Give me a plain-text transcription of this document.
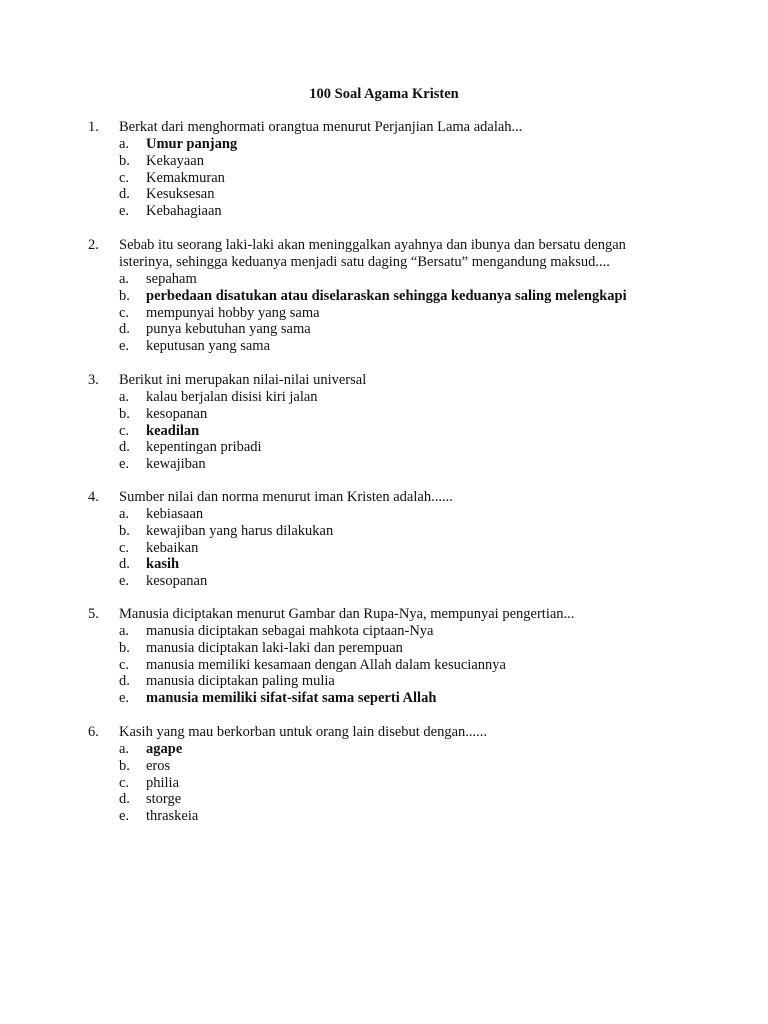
100 Soal Agama Kristen
1. Berkat dari menghormati orangtua menurut Perjanjian Lama adalah...
a. Umur panjang
b. Kekayaan
c. Kemakmuran
d. Kesuksesan
e. Kebahagiaan
2. Sebab itu seorang laki-laki akan meninggalkan ayahnya dan ibunya dan bersatu dengan
isterinya, sehingga keduanya menjadi satu daging “Bersatu” mengandung maksud....
a. sepaham
b. perbedaan disatukan atau diselaraskan sehingga keduanya saling melengkapi
c. mempunyai hobby yang sama
d. punya kebutuhan yang sama
e. keputusan yang sama
3. Berikut ini merupakan nilai-nilai universal
a. kalau berjalan disisi kiri jalan
b. kesopanan
c. keadilan
d. kepentingan pribadi
e. kewajiban
4. Sumber nilai dan norma menurut iman Kristen adalah......
a. kebiasaan
b. kewajiban yang harus dilakukan
c. kebaikan
d. kasih
e. kesopanan
5. Manusia diciptakan menurut Gambar dan Rupa-Nya, mempunyai pengertian...
a. manusia diciptakan sebagai mahkota ciptaan-Nya
b. manusia diciptakan laki-laki dan perempuan
c. manusia memiliki kesamaan dengan Allah dalam kesuciannya
d. manusia diciptakan paling mulia
e. manusia memiliki sifat-sifat sama seperti Allah
6. Kasih yang mau berkorban untuk orang lain disebut dengan......
a. agape
b. eros
c. philia
d. storge
e. thraskeia
